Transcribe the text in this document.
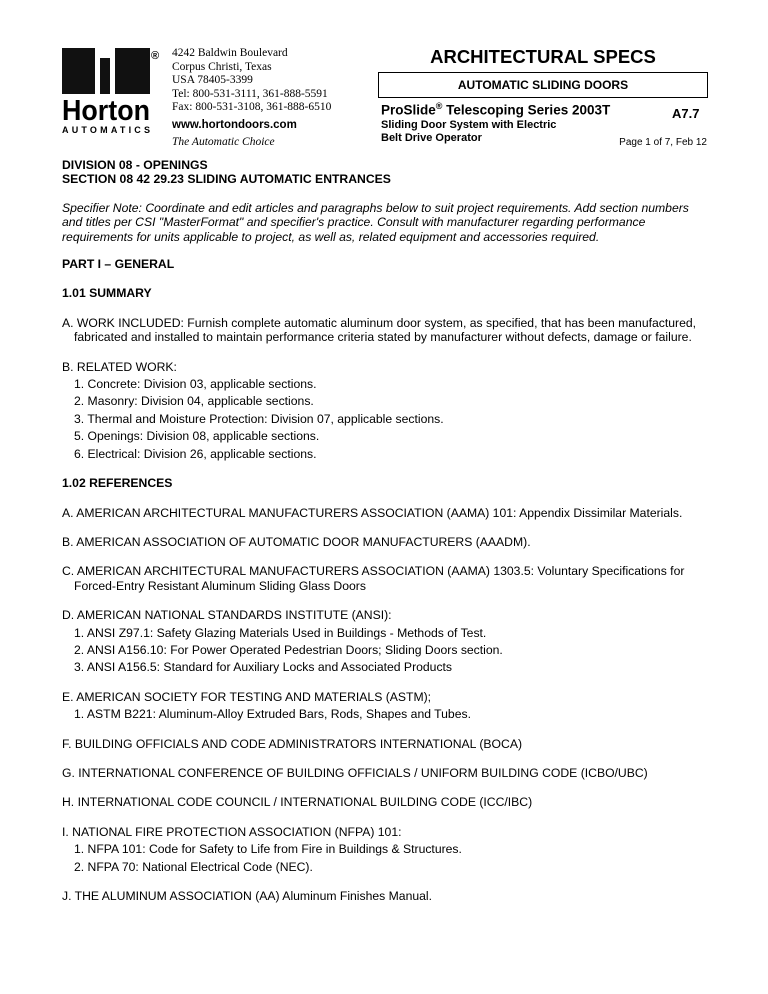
Horton
AUTOMATICS
® 4242 Baldwin Boulevard
Corpus Christi, Texas
USA 78405-3399
Tel: 800-531-3111, 361-888-5591
Fax: 800-531-3108, 361-888-6510
www.hortondoors.com
The Automatic Choice
ARCHITECTURAL SPECS
AUTOMATIC SLIDING DOORS
ProSlide® Telescoping Series 2003T	A7.7
Sliding Door System with Electric
Belt Drive Operator	Page 1 of 7, Feb 12
DIVISION 08 - OPENINGS
SECTION 08 42 29.23 SLIDING AUTOMATIC ENTRANCES
Specifier Note: Coordinate and edit articles and paragraphs below to suit project requirements. Add section numbers and titles per CSI "MasterFormat" and specifier's practice. Consult with manufacturer regarding performance requirements for units applicable to project, as well as, related equipment and accessories required.
PART I – GENERAL
1.01 SUMMARY
A. WORK INCLUDED: Furnish complete automatic aluminum door system, as specified, that has been manufactured, fabricated and installed to maintain performance criteria stated by manufacturer without defects, damage or failure.
B. RELATED WORK:
1. Concrete: Division 03, applicable sections.
2. Masonry: Division 04, applicable sections.
3. Thermal and Moisture Protection: Division 07, applicable sections.
5. Openings: Division 08, applicable sections.
6. Electrical: Division 26, applicable sections.
1.02 REFERENCES
A. AMERICAN ARCHITECTURAL MANUFACTURERS ASSOCIATION (AAMA) 101: Appendix Dissimilar Materials.
B. AMERICAN ASSOCIATION OF AUTOMATIC DOOR MANUFACTURERS (AAADM).
C. AMERICAN ARCHITECTURAL MANUFACTURERS ASSOCIATION (AAMA) 1303.5: Voluntary Specifications for Forced-Entry Resistant Aluminum Sliding Glass Doors
D. AMERICAN NATIONAL STANDARDS INSTITUTE (ANSI):
1. ANSI Z97.1: Safety Glazing Materials Used in Buildings - Methods of Test.
2. ANSI A156.10: For Power Operated Pedestrian Doors; Sliding Doors section.
3. ANSI A156.5: Standard for Auxiliary Locks and Associated Products
E. AMERICAN SOCIETY FOR TESTING AND MATERIALS (ASTM);
1. ASTM B221: Aluminum-Alloy Extruded Bars, Rods, Shapes and Tubes.
F. BUILDING OFFICIALS AND CODE ADMINISTRATORS INTERNATIONAL (BOCA)
G. INTERNATIONAL CONFERENCE OF BUILDING OFFICIALS / UNIFORM BUILDING CODE (ICBO/UBC)
H. INTERNATIONAL CODE COUNCIL / INTERNATIONAL BUILDING CODE (ICC/IBC)
I. NATIONAL FIRE PROTECTION ASSOCIATION (NFPA) 101:
1. NFPA 101: Code for Safety to Life from Fire in Buildings & Structures.
2. NFPA 70: National Electrical Code (NEC).
J. THE ALUMINUM ASSOCIATION (AA) Aluminum Finishes Manual.
